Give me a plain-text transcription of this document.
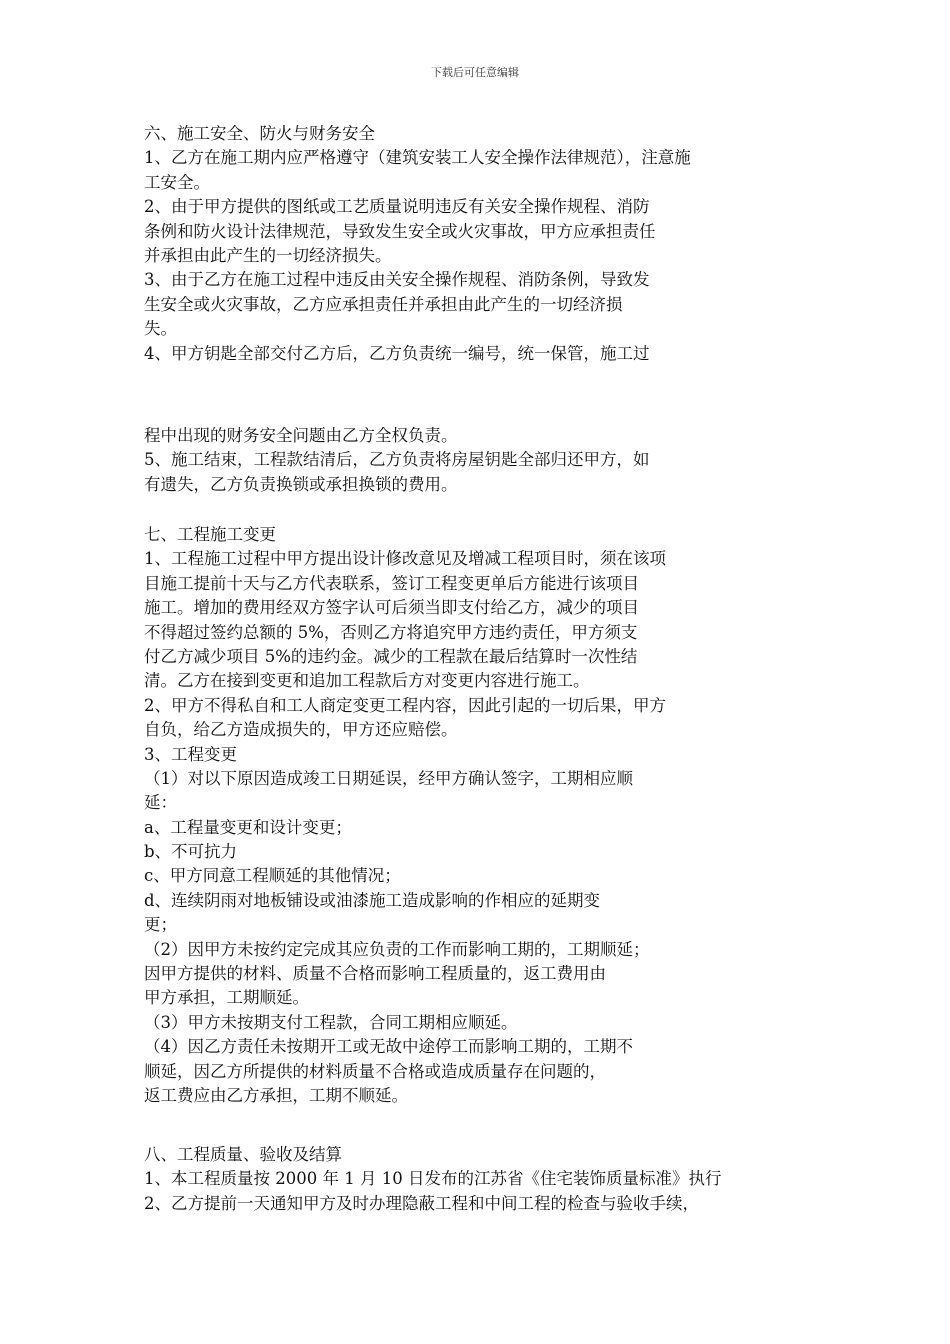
下载后可任意编辑
六、施工安全、防火与财务安全
1、乙方在施工期内应严格遵守（建筑安装工人安全操作法律规范），注意施
工安全。
2、由于甲方提供的图纸或工艺质量说明违反有关安全操作规程、消防
条例和防火设计法律规范，导致发生安全或火灾事故，甲方应承担责任
并承担由此产生的一切经济损失。
3、由于乙方在施工过程中违反由关安全操作规程、消防条例，导致发
生安全或火灾事故，乙方应承担责任并承担由此产生的一切经济损
失。
4、甲方钥匙全部交付乙方后，乙方负责统一编号，统一保管，施工过
程中出现的财务安全问题由乙方全权负责。
5、施工结束，工程款结清后，乙方负责将房屋钥匙全部归还甲方，如
有遗失，乙方负责换锁或承担换锁的费用。
七、工程施工变更
1、工程施工过程中甲方提出设计修改意见及增减工程项目时，须在该项
目施工提前十天与乙方代表联系，签订工程变更单后方能进行该项目
施工。增加的费用经双方签字认可后须当即支付给乙方，减少的项目
不得超过签约总额的 5%，否则乙方将追究甲方违约责任，甲方须支
付乙方减少项目 5%的违约金。减少的工程款在最后结算时一次性结
清。乙方在接到变更和追加工程款后方对变更内容进行施工。
2、甲方不得私自和工人商定变更工程内容，因此引起的一切后果，甲方
自负，给乙方造成损失的，甲方还应赔偿。
3、工程变更
（1）对以下原因造成竣工日期延误，经甲方确认签字，工期相应顺
延：
a、工程量变更和设计变更；
b、不可抗力
c、甲方同意工程顺延的其他情况；
d、连续阴雨对地板铺设或油漆施工造成影响的作相应的延期变
更；
（2）因甲方未按约定完成其应负责的工作而影响工期的，工期顺延；
因甲方提供的材料、质量不合格而影响工程质量的，返工费用由
甲方承担，工期顺延。
（3）甲方未按期支付工程款，合同工期相应顺延。
（4）因乙方责任未按期开工或无故中途停工而影响工期的，工期不
顺延，因乙方所提供的材料质量不合格或造成质量存在问题的，
返工费应由乙方承担，工期不顺延。
八、工程质量、验收及结算
1、本工程质量按 2000 年 1 月 10 日发布的江苏省《住宅装饰质量标准》执行
2、乙方提前一天通知甲方及时办理隐蔽工程和中间工程的检查与验收手续，
